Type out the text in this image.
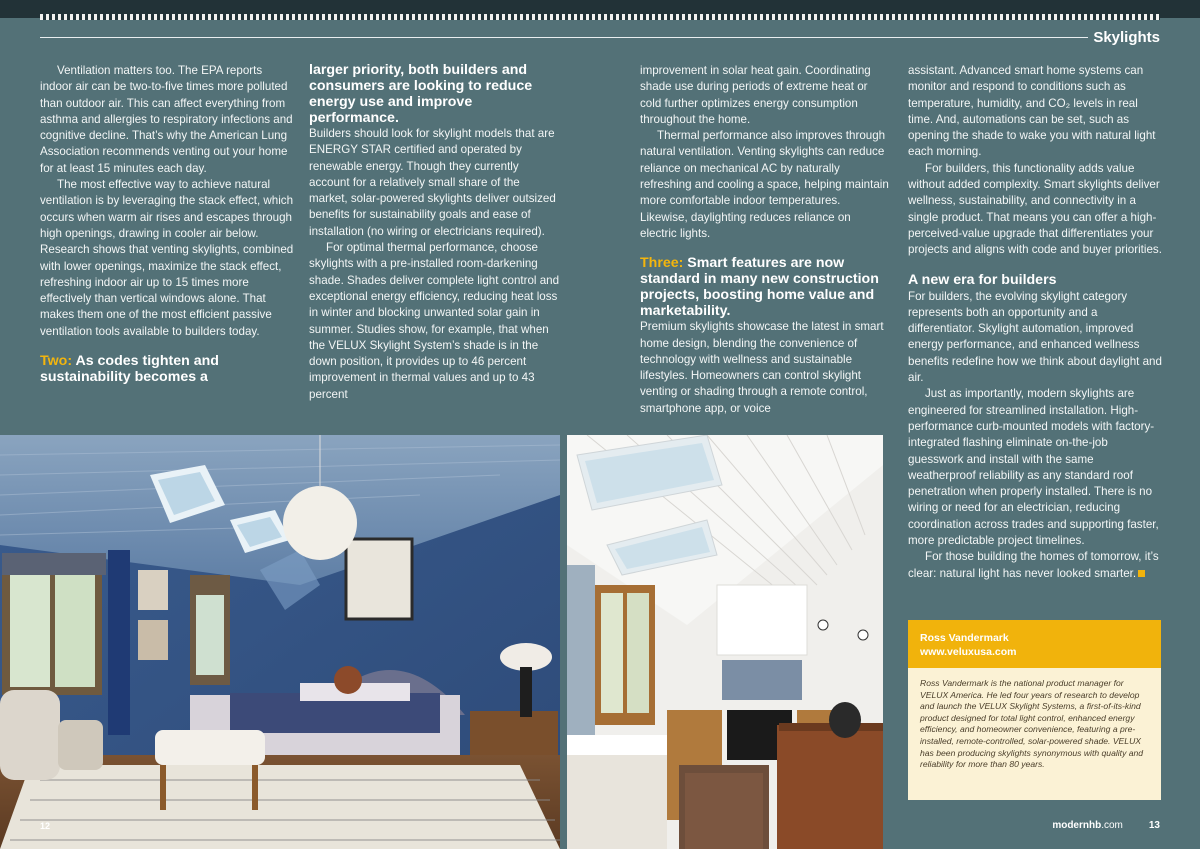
Skylights

Ventilation matters too. The EPA reports indoor air can be two-to-five times more polluted than outdoor air. This can affect everything from asthma and allergies to respiratory infections and cognitive decline. That’s why the American Lung Association recommends venting out your home for at least 15 minutes each day.

The most effective way to achieve natural ventilation is by leveraging the stack effect, which occurs when warm air rises and escapes through high openings, drawing in cooler air below. Research shows that venting skylights, combined with lower openings, maximize the stack effect, refreshing indoor air up to 15 times more effectively than vertical windows alone. That makes them one of the most efficient passive ventilation tools available to builders today.

Two: As codes tighten and sustainability becomes a
larger priority, both builders and consumers are looking to reduce energy use and improve performance.

Builders should look for skylight models that are ENERGY STAR certified and operated by renewable energy. Though they currently account for a relatively small share of the market, solar-powered skylights deliver outsized benefits for sustainability goals and ease of installation (no wiring or electricians required).

For optimal thermal performance, choose skylights with a pre-installed room-darkening shade. Shades deliver complete light control and exceptional energy efficiency, reducing heat loss in winter and blocking unwanted solar gain in summer. Studies show, for example, that when the VELUX Skylight System’s shade is in the down position, it provides up to 46 percent improvement in thermal values and up to 43 percent

improvement in solar heat gain. Coordinating shade use during periods of extreme heat or cold further optimizes energy consumption throughout the home.

Thermal performance also improves through natural ventilation. Venting skylights can reduce reliance on mechanical AC by naturally refreshing and cooling a space, helping maintain more comfortable indoor temperatures. Likewise, daylighting reduces reliance on electric lights.

Three: Smart features are now standard in many new construction projects, boosting home value and marketability.

Premium skylights showcase the latest in smart home design, blending the convenience of technology with wellness and sustainable lifestyles. Homeowners can control skylight venting or shading through a remote control, smartphone app, or voice

assistant. Advanced smart home systems can monitor and respond to conditions such as temperature, humidity, and CO₂ levels in real time. And, automations can be set, such as opening the shade to wake you with natural light each morning.

For builders, this functionality adds value without added complexity. Smart skylights deliver wellness, sustainability, and connectivity in a single product. That means you can offer a high-perceived-value upgrade that differentiates your projects and aligns with code and buyer priorities.

A new era for builders

For builders, the evolving skylight category represents both an opportunity and a differentiator. Skylight automation, improved energy performance, and enhanced wellness benefits redefine how we think about daylight and air.

Just as importantly, modern skylights are engineered for streamlined installation. High-performance curb-mounted models with factory-integrated flashing eliminate on-the-job guesswork and install with the same weatherproof reliability as any standard roof penetration when properly installed. There is no wiring or need for an electrician, reducing coordination across trades and supporting faster, more predictable project timelines.

For those building the homes of tomorrow, it’s clear: natural light has never looked smarter.

Ross Vandermark
www.veluxusa.com
Ross Vandermark is the national product manager for VELUX America. He led four years of research to develop and launch the VELUX Skylight Systems, a first-of-its-kind product designed for total light control, enhanced energy efficiency, and homeowner convenience, featuring a pre-installed, remote-controlled, solar-powered shade. VELUX has been producing skylights synonymous with quality and reliability for more than 80 years.
12	modernhb.com	13
